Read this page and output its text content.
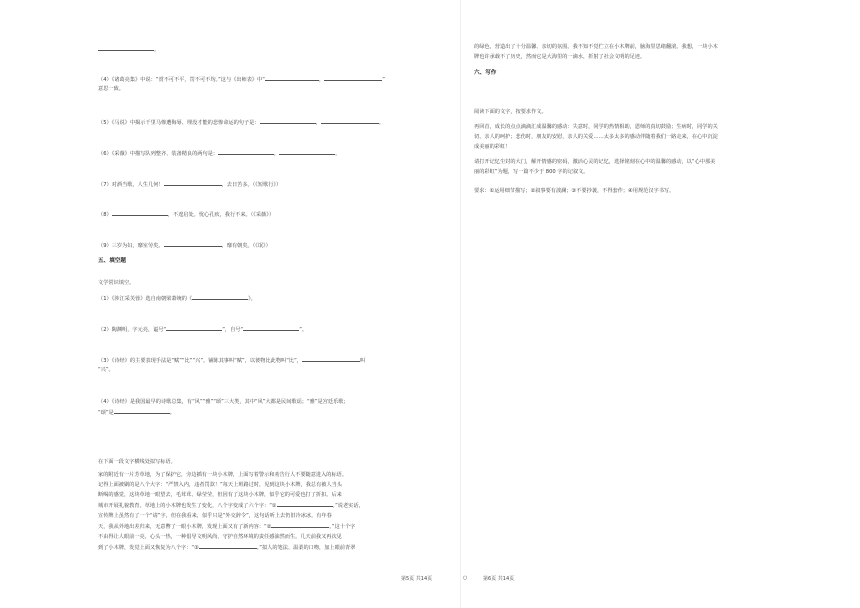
。
（4）《诸葛亮集》中说：“赏不可不平，罚不可不均。”这与《出师表》中“	，	”
意思一致。
（5）《马说》中揭示千里马惨遭侮辱、埋没才能的悲惨命运的句子是：	，	。
（6）《采薇》中描写队列整齐、装备精良的两句是：	，	。
（7）对酒当歌，人生几何！	，去日苦多。（《短歌行》）
（8）	，不遑启处。忧心孔疚，我行不来。（《采薇》）
（9）三岁为妇，靡室劳矣。	，靡有朝矣。（《氓》）
五、填空题
文学常识填空。
（1）《涉江采芙蓉》选自南朝梁萧统的《	》。
（2）陶渊明，字元亮，谥号“	”，自号“	”。
（3）《诗经》的主要表现手法是“赋”“比”“兴”。铺陈其事叫“赋”，以彼物比此物叫“比”，	叫
“兴”。
（4）《诗经》是我国最早的诗歌总集，有“风”“雅”“颂”三大类，其中“风”大都是民间歌谣；“雅”是宫廷乐歌；
“颂”是	。
在下面一段文字横线处拟写标语。
家的附近有一片芳草地，为了保护它，旁边插有一块小木牌，上面写着警示和劝告行人不要随意进入的标语。
记得上面被刷的是八个大字：“严禁入内，违者罚款！”每天上班路过时，见到这块小木牌，我总有被人当头
断喝的感觉，这块草地一眼望去，毛茸茸、绿莹莹，但因有了这块小木牌，似乎它的可爱也打了折扣。后来
城市开展礼貌教育，草地上的小木牌也发生了变化，八个字变成了六个字：“①	。”说老实话，
宣传牌上虽然有了一个“请”字，但在我看来，似乎只是“外交辞令”，这句话听上去仍旧冷冰冰。有年春
天，我从外地出差归来，无意瞥了一眼小木牌，发现上面又有了新内容：“②	。”这十个字
不由得让人眼前一亮，心头一热，一种倡导文明风尚、守护自然环境的责任感油然而生。几天前我又再次见
到了小木牌，发觉上面又恢复为八个字：“③	。”拟人的笔法、温柔的口吻，加上眼前青翠
第5页 共14页	○
的绿色，营造出了十分温馨、亲切的氛围。我不知不觉伫立在小木牌前，脑海里思绪翻滚。我想，一块小木
牌也许承载不了历史，然而它是大海里的一滴水，折射了社会文明的足迹。
六、写作
阅读下面的文字，按要求作文。
再回首，成长的点点滴滴汇成温馨的感动：失意时，同学的热情相助，恩师的真切鼓励；生病时，同学的关
切，亲人的呵护；悲伤时，朋友的安慰，亲人的关爱……太多太多的感动伴随着我们一路走来，在心中沉淀
成美丽的彩虹！
请打开记忆尘封的大门，解开情感的密码，激活心灵的记忆，选择铭刻在心中的温馨的感动，以“心中那美
丽的彩虹”为题，写一篇不少于 800 字的记叙文。
要求：①运用细节描写；②叙事要有波澜；③不要抄袭，不得套作；④用规范汉字书写。
第6页 共14页
